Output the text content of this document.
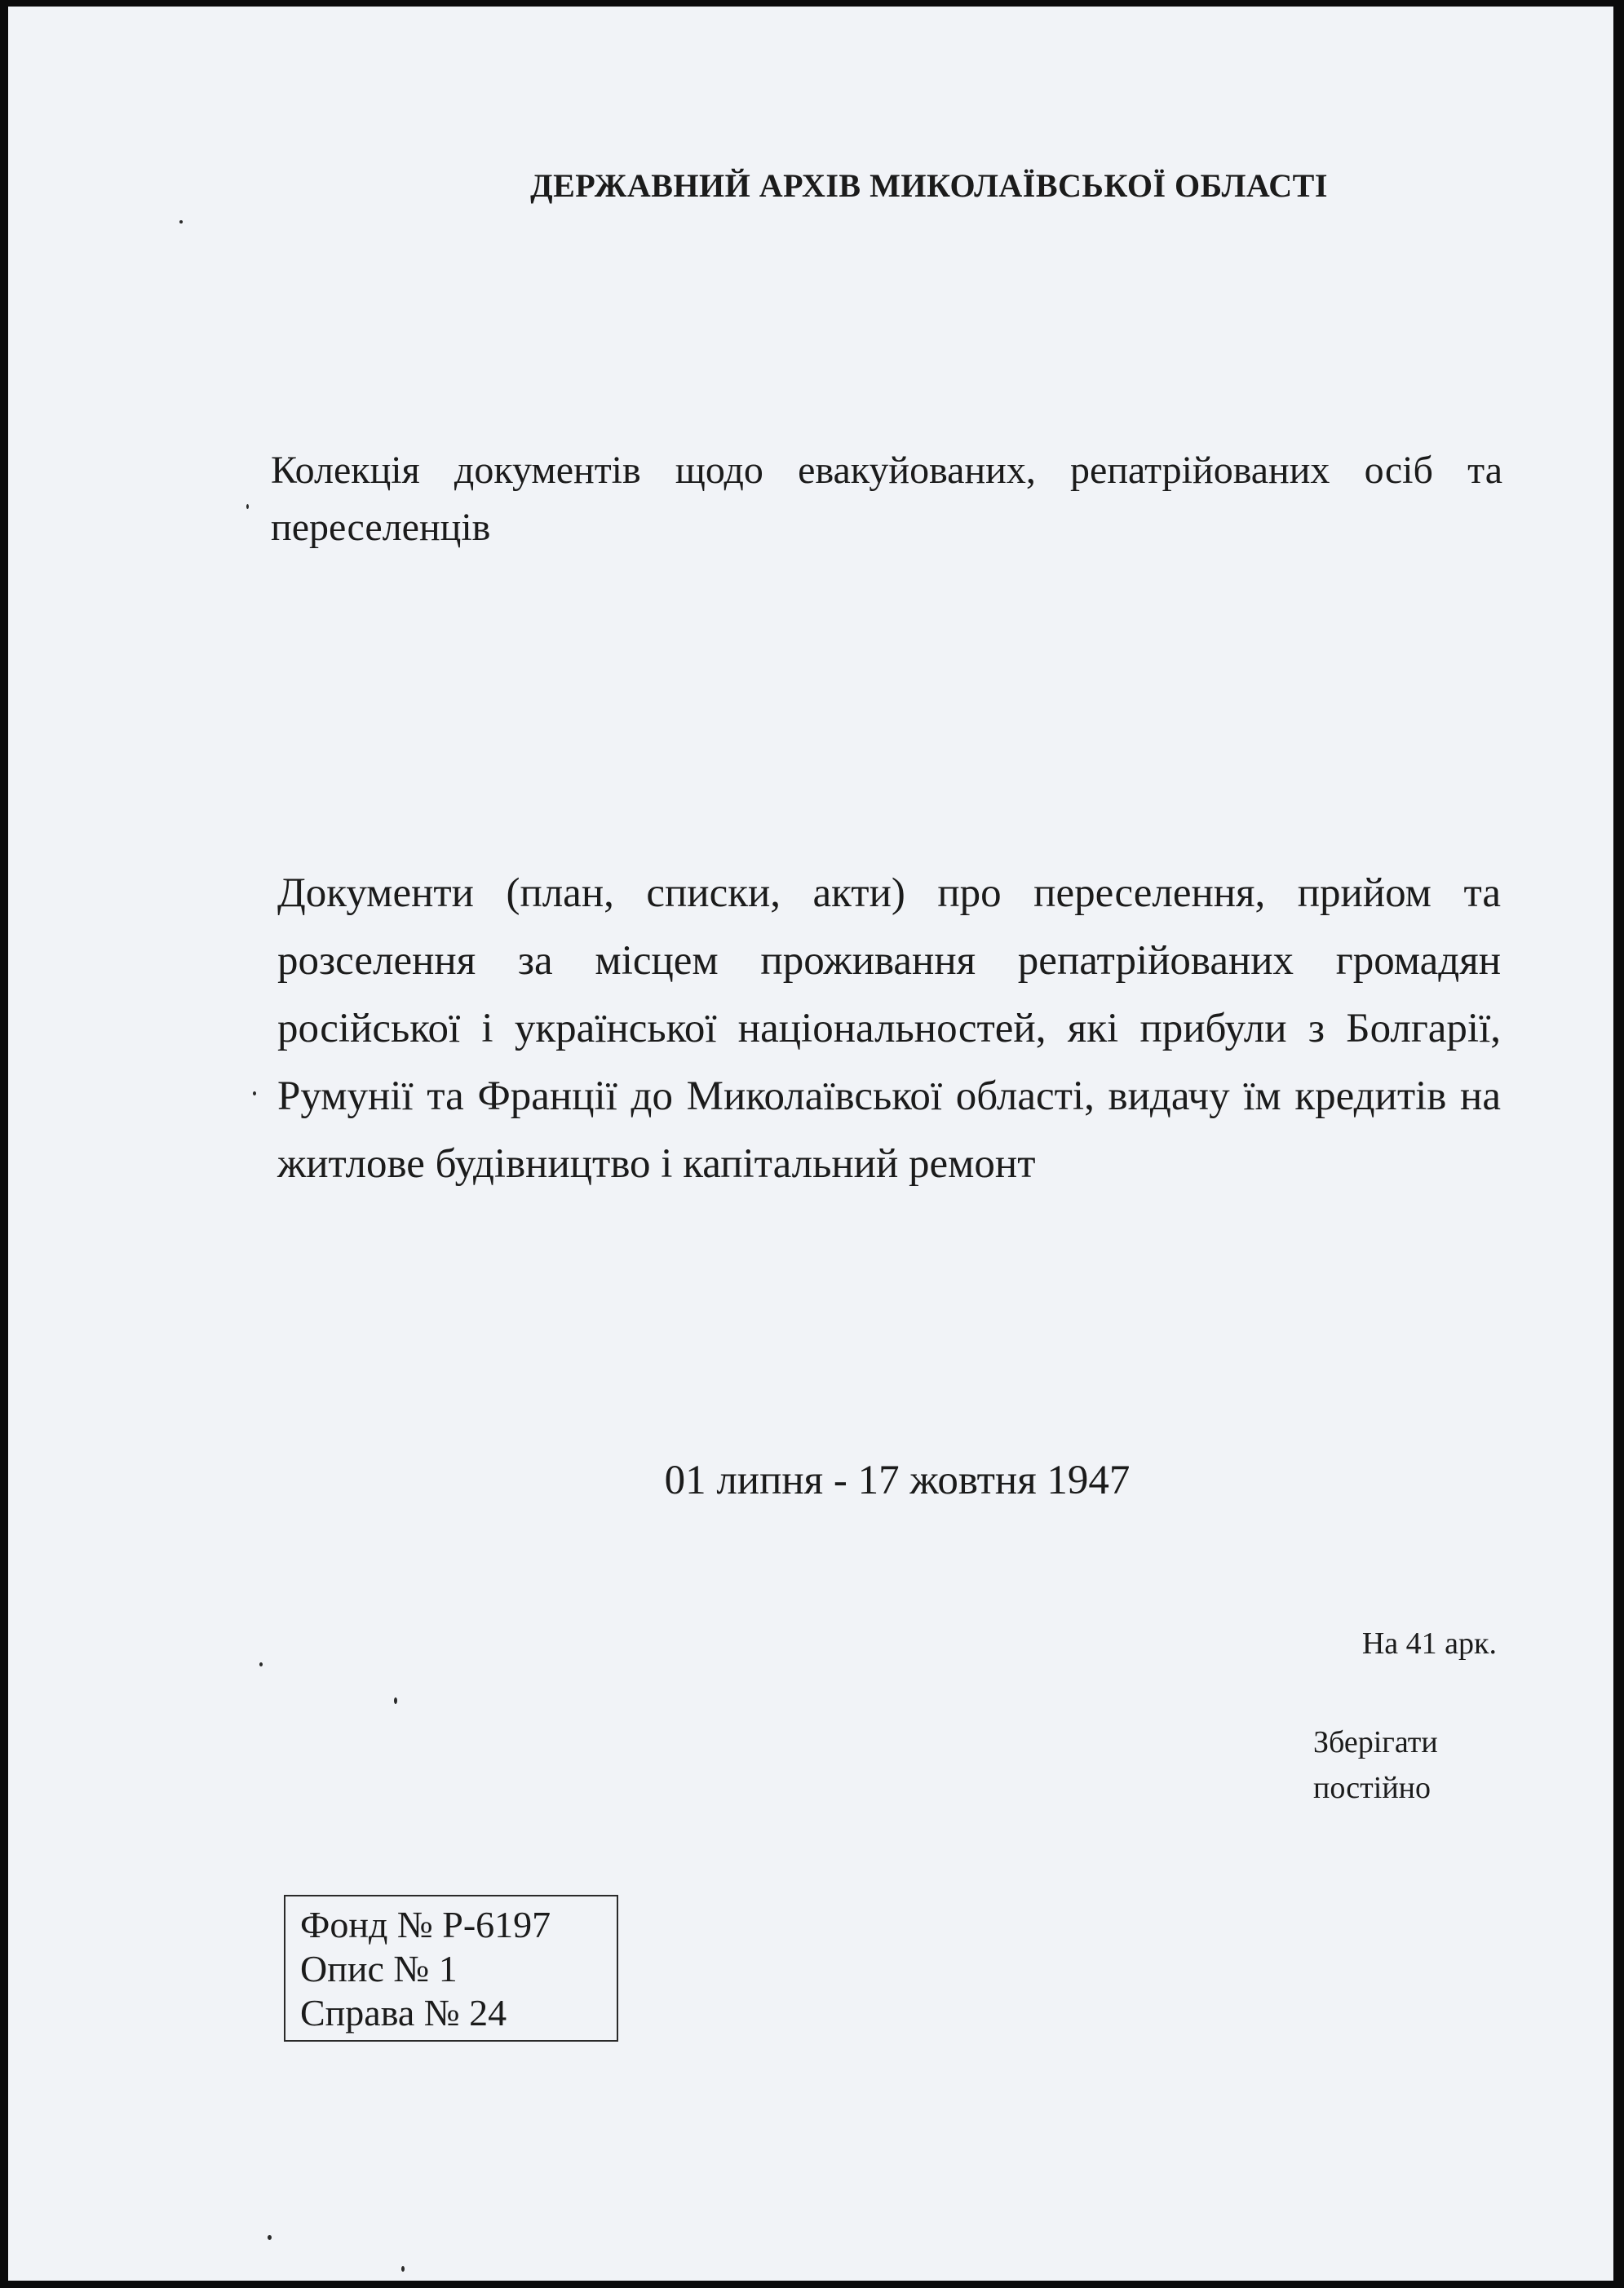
ДЕРЖАВНИЙ АРХІВ МИКОЛАЇВСЬКОЇ ОБЛАСТІ
Колекція документів щодо евакуйованих, репатрійованих осіб та переселенців
Документи (план, списки, акти) про переселення, прийом та розселення за місцем проживання репатрійованих громадян російської і української національностей, які прибули з Болгарії, Румунії та Франції до Миколаївської області, видачу їм кредитів на житлове будівництво і капітальний ремонт
01 липня - 17 жовтня 1947
На 41 арк.
Зберігати
постійно
Фонд № Р-6197
Опис № 1
Справа № 24
